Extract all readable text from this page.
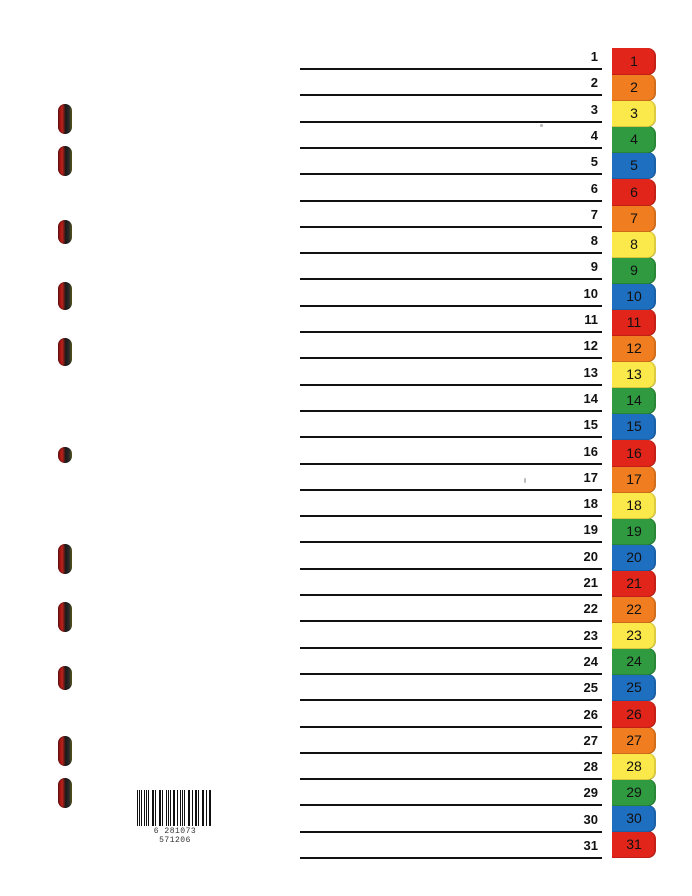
1
2
3
4
5
6
7
8
9
10
11
12
13
14
15
16
17
18
19
20
21
22
23
24
25
26
27
28
29
30
31
1
2
3
4
5
6
7
8
9
10
11
12
13
14
15
16
17
18
19
20
21
22
23
24
25
26
27
28
29
30
31
6 281073 571206
